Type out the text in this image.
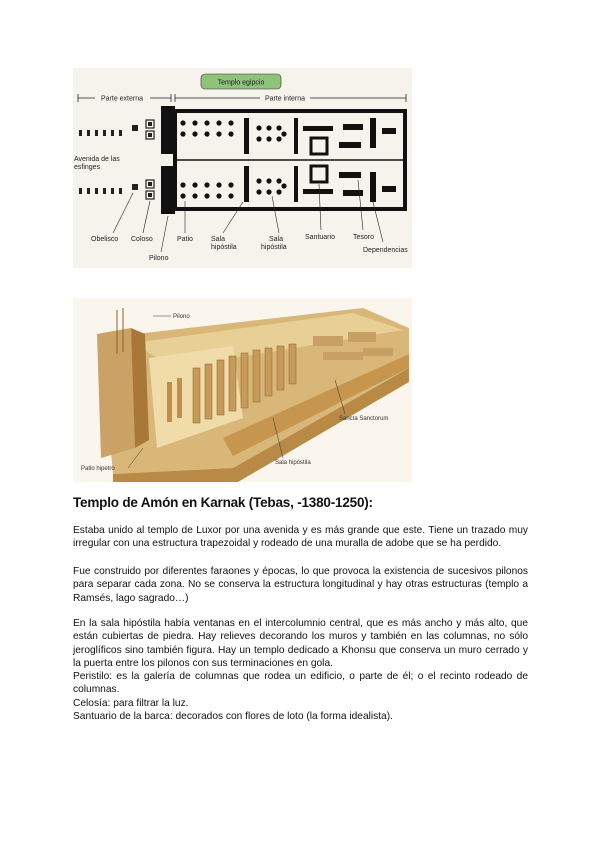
Templo egipcio
Parte externa	Parte interna
Avenida de las
esfinges
Obelisco Coloso
Pilono
Patio	Sala
hipóstila
Sala
hipóstila
Santuario	Tesoro
Dependencias
Pilono
Sancta Sanctorum
Sala hipóstila
Patio hipetro
Templo de Amón en Karnak (Tebas, -1380-1250):

Estaba unido al templo de Luxor por una avenida y es más grande que este. Tiene un trazado muy irregular con una estructura trapezoidal y rodeado de una muralla de adobe que se ha perdido.

Fue construido por diferentes faraones y épocas, lo que provoca la existencia de sucesivos pilonos para separar cada zona. No se conserva la estructura longitudinal y hay otras estructuras (templo a Ramsés, lago sagrado…)

En la sala hipóstila había ventanas en el intercolumnio central, que es más ancho y más alto, que están cubiertas de piedra. Hay relieves decorando los muros y también en las columnas, no sólo jeroglíficos sino también figura. Hay un templo dedicado a Khonsu que conserva un muro cerrado y la puerta entre los pilonos con sus terminaciones en gola.

Peristilo: es la galería de columnas que rodea un edificio, o parte de él; o el recinto rodeado de columnas.
Celosía: para filtrar la luz.
Santuario de la barca: decorados con flores de loto (la forma idealista).
